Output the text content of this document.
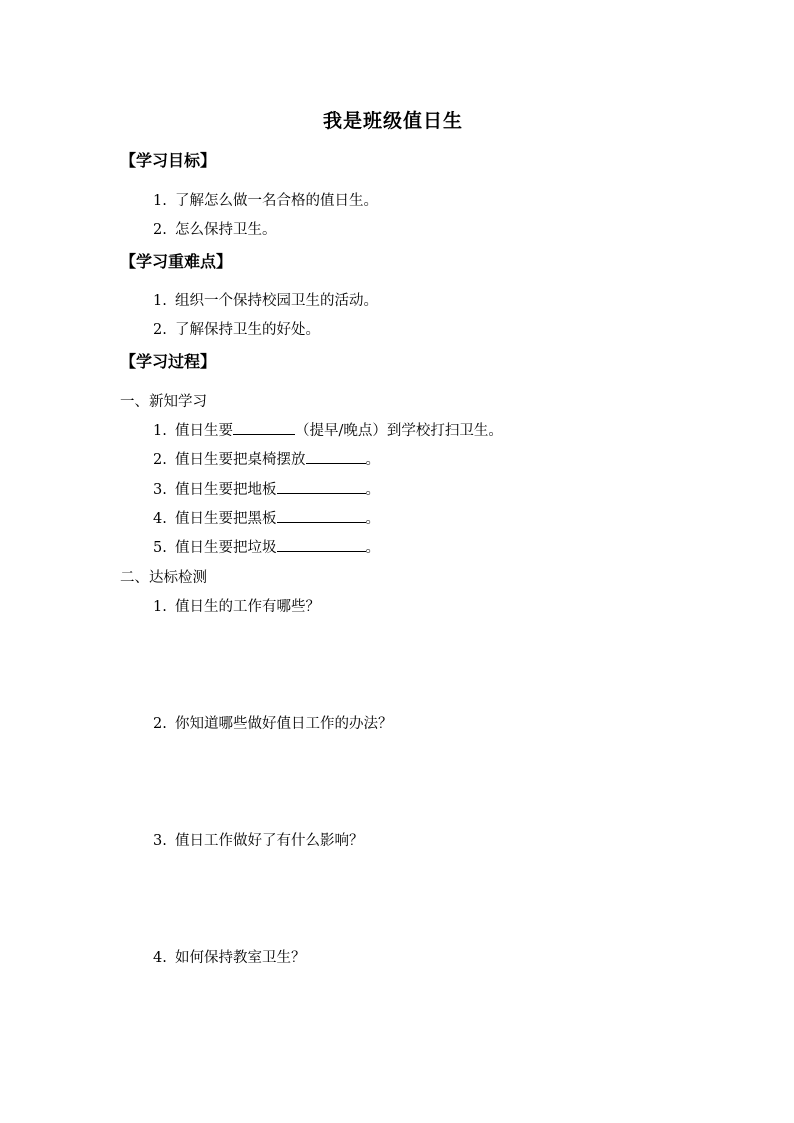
我是班级值日生
【学习目标】
1. 了解怎么做一名合格的值日生。
2. 怎么保持卫生。
【学习重难点】
1. 组织一个保持校园卫生的活动。
2. 了解保持卫生的好处。
【学习过程】
一、新知学习
1. 值日生要	（提早/晚点）到学校打扫卫生。
2. 值日生要把桌椅摆放	。
3. 值日生要把地板	。
4. 值日生要把黑板	。
5. 值日生要把垃圾	。
二、达标检测
1. 值日生的工作有哪些？
2. 你知道哪些做好值日工作的办法？
3. 值日工作做好了有什么影响？
4. 如何保持教室卫生？
